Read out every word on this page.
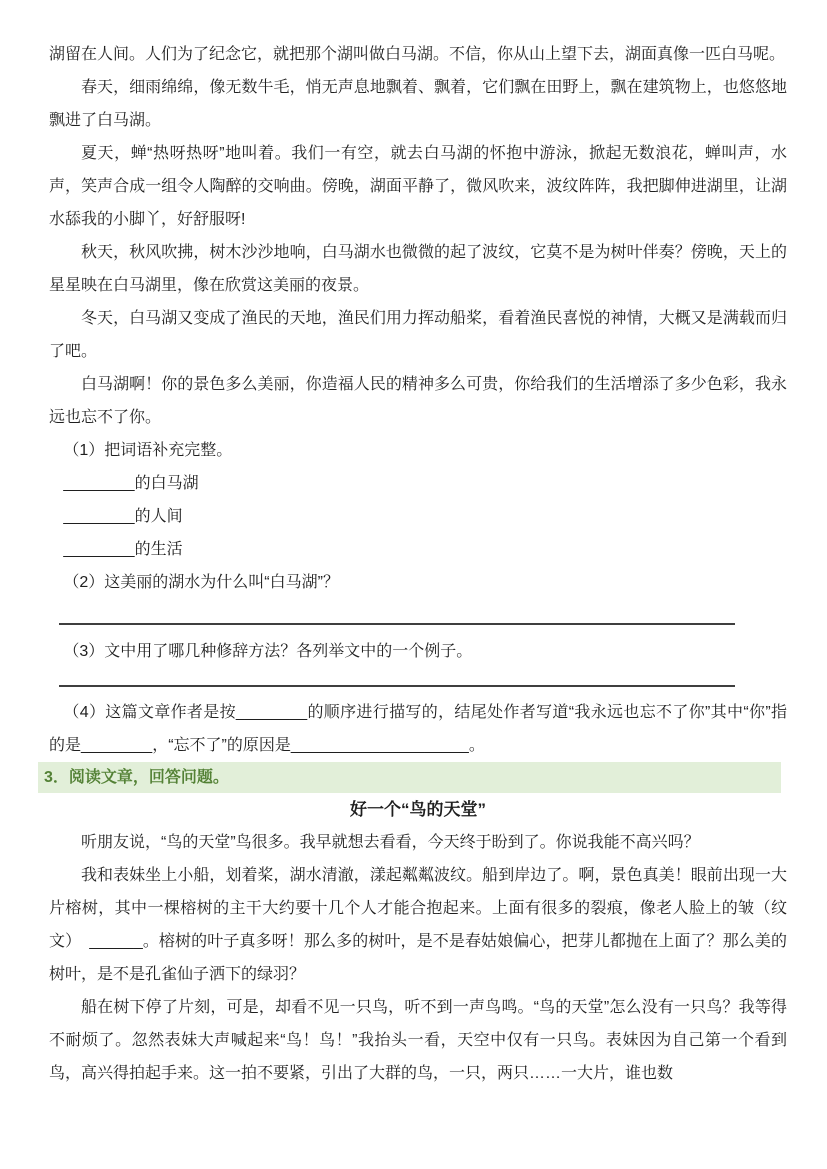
湖留在人间。人们为了纪念它，就把那个湖叫做白马湖。不信，你从山上望下去，湖面真像一匹白马呢。

春天，细雨绵绵，像无数牛毛，悄无声息地飘着、飘着，它们飘在田野上，飘在建筑物上，也悠悠地飘进了白马湖。

夏天，蝉“热呀热呀”地叫着。我们一有空，就去白马湖的怀抱中游泳，掀起无数浪花，蝉叫声，水声，笑声合成一组令人陶醉的交响曲。傍晚，湖面平静了，微风吹来，波纹阵阵，我把脚伸进湖里，让湖水舔我的小脚丫，好舒服呀!

秋天，秋风吹拂，树木沙沙地响，白马湖水也微微的起了波纹，它莫不是为树叶伴奏？傍晚，天上的星星映在白马湖里，像在欣赏这美丽的夜景。

冬天，白马湖又变成了渔民的天地，渔民们用力挥动船桨，看着渔民喜悦的神情，大概又是满载而归了吧。

白马湖啊！你的景色多么美丽，你造福人民的精神多么可贵，你给我们的生活增添了多少色彩，我永远也忘不了你。

（1）把词语补充完整。

________的白马湖

________的人间

________的生活

（2）这美丽的湖水为什么叫“白马湖”？

（3）文中用了哪几种修辞方法？各列举文中的一个例子。

（4）这篇文章作者是按________的顺序进行描写的，结尾处作者写道“我永远也忘不了你”其中“你”指的是________，“忘不了”的原因是____________________。

3．阅读文章，回答问题。

好一个“鸟的天堂”

听朋友说，“鸟的天堂”鸟很多。我早就想去看看，今天终于盼到了。你说我能不高兴吗？

我和表妹坐上小船，划着桨，湖水清澈，漾起粼粼波纹。船到岸边了。啊，景色真美！眼前出现一大片榕树，其中一棵榕树的主干大约要十几个人才能合抱起来。上面有很多的裂痕，像老人脸上的皱（纹　文）　______。榕树的叶子真多呀！那么多的树叶，是不是春姑娘偏心，把芽儿都抛在上面了？那么美的树叶，是不是孔雀仙子洒下的绿羽？

船在树下停了片刻，可是，却看不见一只鸟，听不到一声鸟鸣。“鸟的天堂”怎么没有一只鸟？我等得不耐烦了。忽然表妹大声喊起来“鸟！鸟！”我抬头一看，天空中仅有一只鸟。表妹因为自己第一个看到鸟，高兴得拍起手来。这一拍不要紧，引出了大群的鸟，一只，两只……一大片，谁也数
